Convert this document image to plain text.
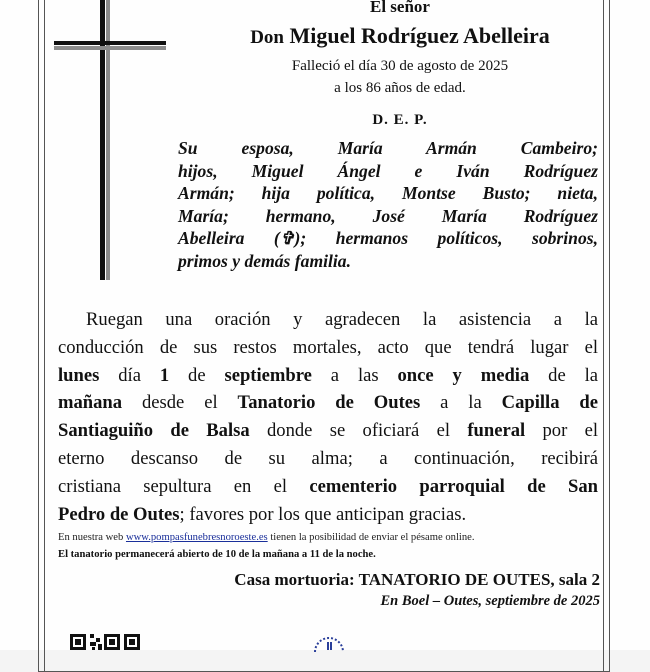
El señor
Don Miguel Rodríguez Abelleira
Falleció el día 30 de agosto de 2025
a los 86 años de edad.
D. E. P.
Su esposa, María Armán Cambeiro;
hijos, Miguel Ángel e Iván Rodríguez
Armán; hija política, Montse Busto; nieta,
María; hermano, José María Rodríguez
Abelleira (✞); hermanos políticos, sobrinos,
primos y demás familia.
Ruegan una oración y agradecen la asistencia a la
conducción de sus restos mortales, acto que tendrá lugar el
lunes día 1 de septiembre a las once y media de la
mañana desde el Tanatorio de Outes a la Capilla de
Santiaguiño de Balsa donde se oficiará el funeral por el
eterno descanso de su alma; a continuación, recibirá
cristiana sepultura en el cementerio parroquial de San
Pedro de Outes; favores por los que anticipan gracias.
En nuestra web www.pompasfunebresnoroeste.es tienen la posibilidad de enviar el pésame online.
El tanatorio permanecerá abierto de 10 de la mañana a 11 de la noche.
Casa mortuoria: TANATORIO DE OUTES, sala 2
En Boel – Outes, septiembre de 2025
